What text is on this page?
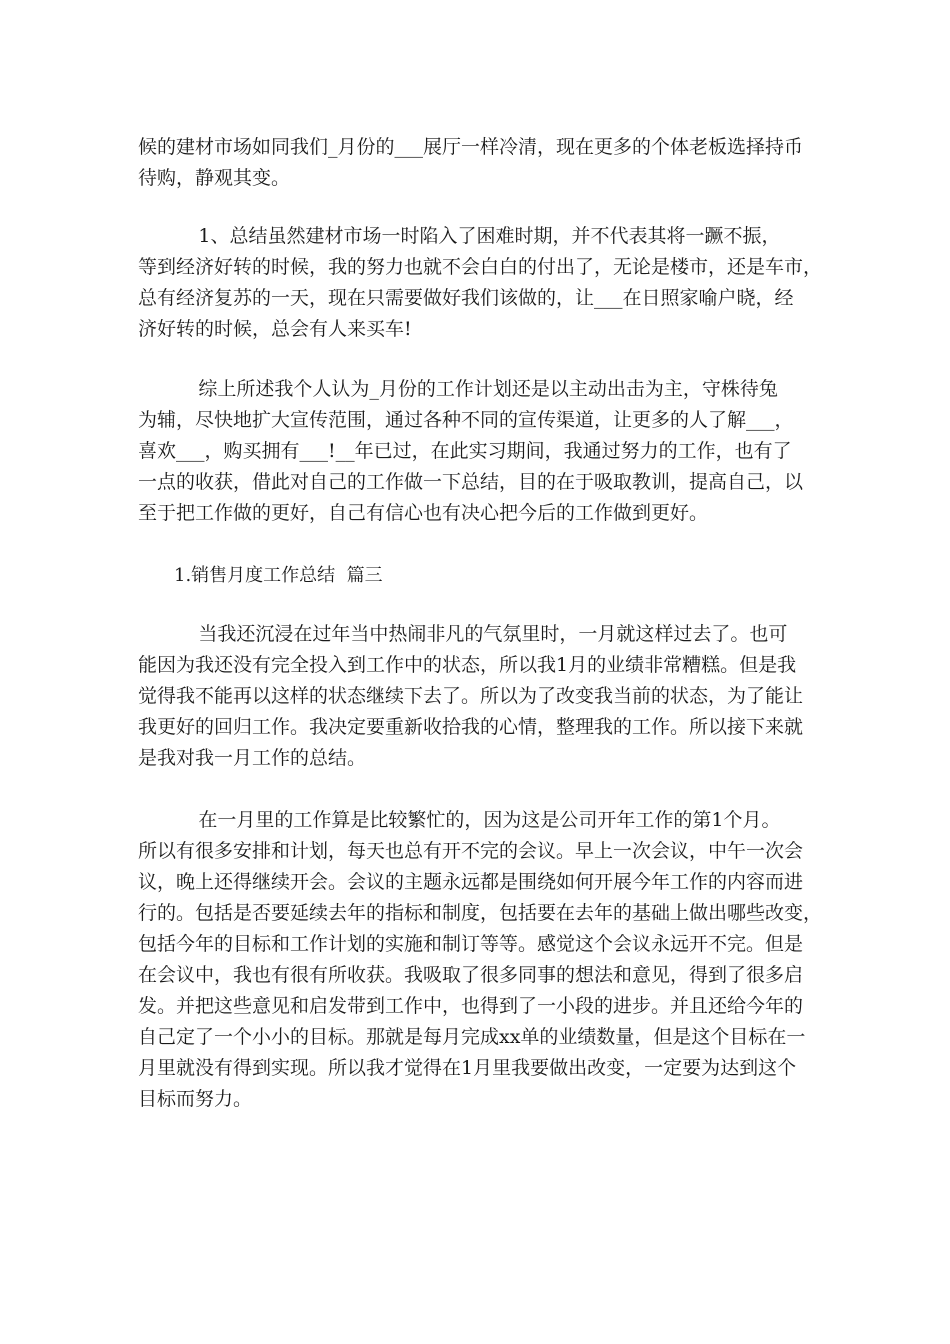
候的建材市场如同我们_月份的___展厅一样冷清，现在更多的个体老板选择持币
待购，静观其变。

1、总结虽然建材市场一时陷入了困难时期，并不代表其将一蹶不振，
等到经济好转的时候，我的努力也就不会白白的付出了，无论是楼市，还是车市，
总有经济复苏的一天，现在只需要做好我们该做的，让___在日照家喻户晓，经
济好转的时候，总会有人来买车!

综上所述我个人认为_月份的工作计划还是以主动出击为主，守株待兔
为辅，尽快地扩大宣传范围，通过各种不同的宣传渠道，让更多的人了解___，
喜欢___，购买拥有___!__年已过，在此实习期间，我通过努力的工作，也有了
一点的收获，借此对自己的工作做一下总结，目的在于吸取教训，提高自己，以
至于把工作做的更好，自己有信心也有决心把今后的工作做到更好。

1.销售月度工作总结  篇三

当我还沉浸在过年当中热闹非凡的气氛里时，一月就这样过去了。也可
能因为我还没有完全投入到工作中的状态，所以我1月的业绩非常糟糕。但是我
觉得我不能再以这样的状态继续下去了。所以为了改变我当前的状态，为了能让
我更好的回归工作。我决定要重新收拾我的心情，整理我的工作。所以接下来就
是我对我一月工作的总结。

在一月里的工作算是比较繁忙的，因为这是公司开年工作的第1个月。
所以有很多安排和计划，每天也总有开不完的会议。早上一次会议，中午一次会
议，晚上还得继续开会。会议的主题永远都是围绕如何开展今年工作的内容而进
行的。包括是否要延续去年的指标和制度，包括要在去年的基础上做出哪些改变，
包括今年的目标和工作计划的实施和制订等等。感觉这个会议永远开不完。但是
在会议中，我也有很有所收获。我吸取了很多同事的想法和意见，得到了很多启
发。并把这些意见和启发带到工作中，也得到了一小段的进步。并且还给今年的
自己定了一个小小的目标。那就是每月完成xx单的业绩数量，但是这个目标在一
月里就没有得到实现。所以我才觉得在1月里我要做出改变，一定要为达到这个
目标而努力。
